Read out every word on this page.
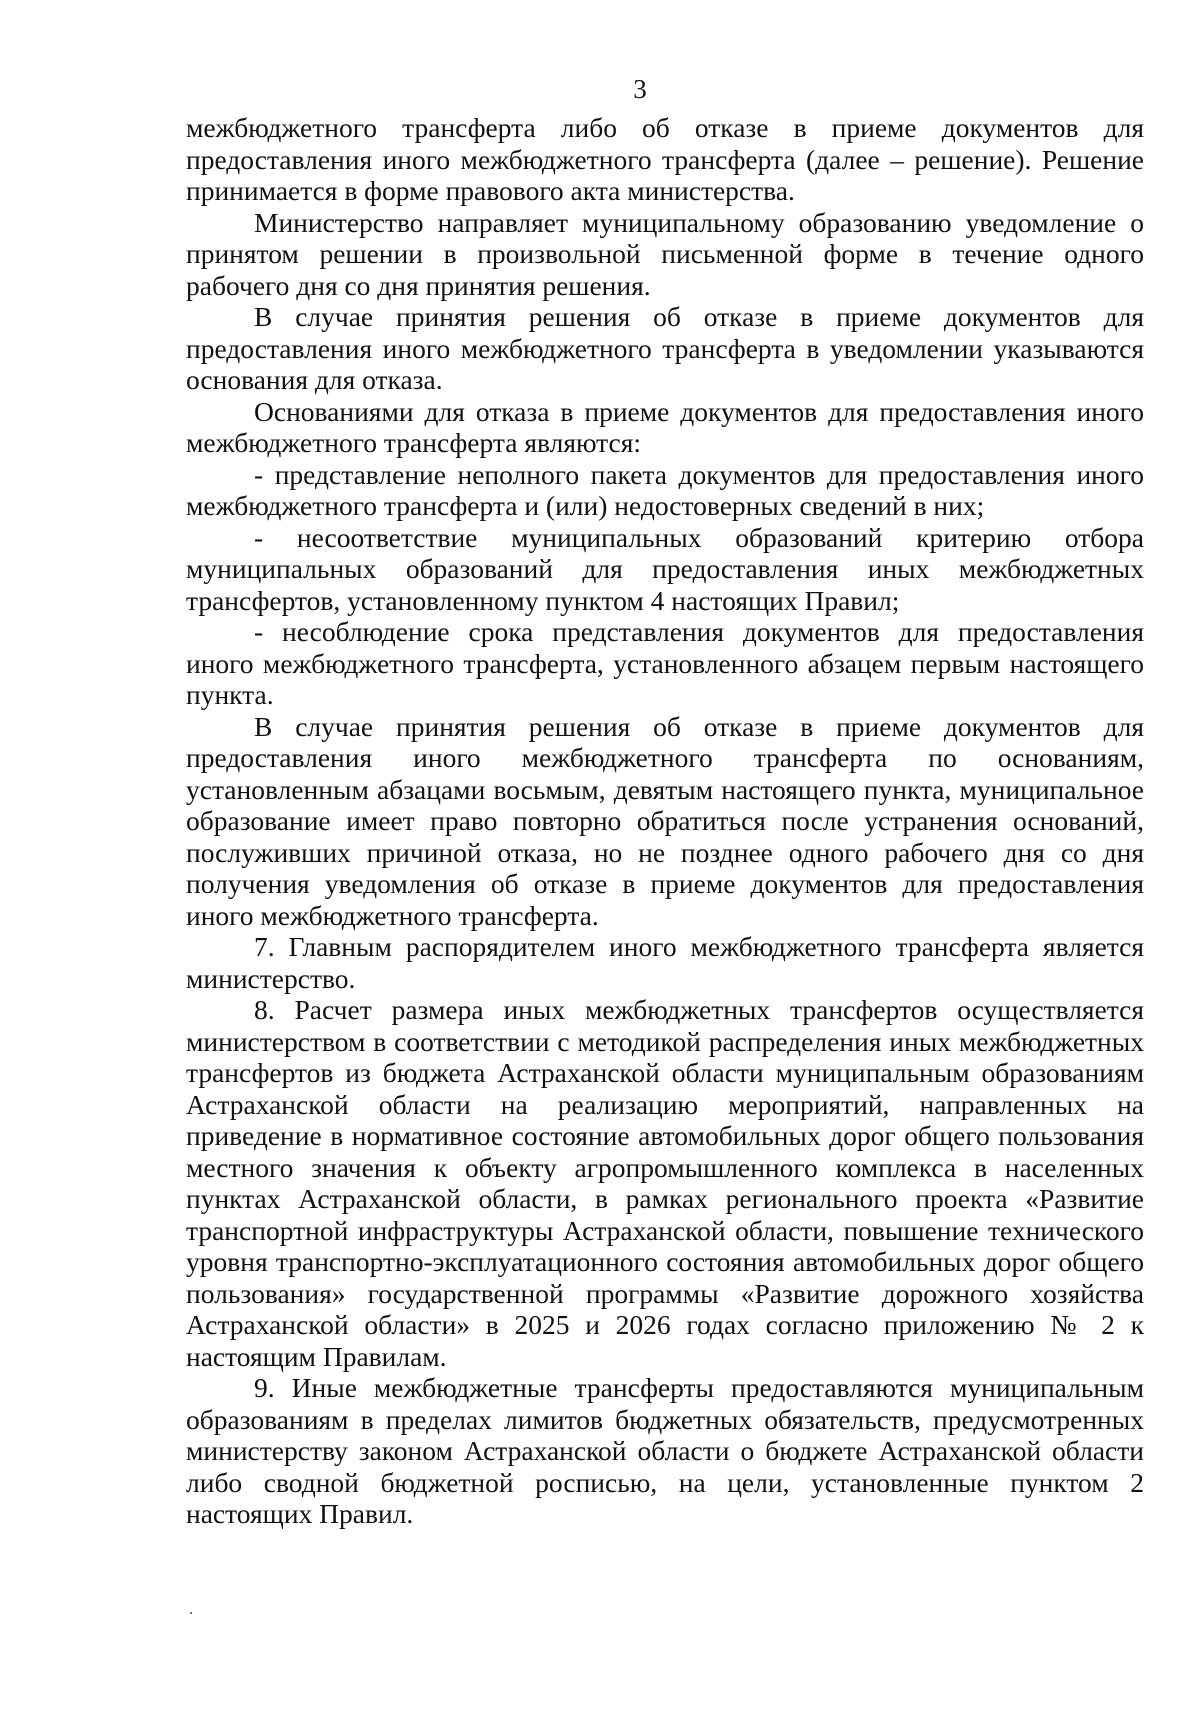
3

межбюджетного трансферта либо об отказе в приеме документов для предоставления иного межбюджетного трансферта (далее – решение). Решение принимается в форме правового акта министерства.

Министерство направляет муниципальному образованию уведомление о принятом решении в произвольной письменной форме в течение одного рабочего дня со дня принятия решения.

В случае принятия решения об отказе в приеме документов для предоставления иного межбюджетного трансферта в уведомлении указываются основания для отказа.

Основаниями для отказа в приеме документов для предоставления иного межбюджетного трансферта являются:

- представление неполного пакета документов для предоставления иного межбюджетного трансферта и (или) недостоверных сведений в них;

- несоответствие муниципальных образований критерию отбора муниципальных образований для предоставления иных межбюджетных трансфертов, установленному пунктом 4 настоящих Правил;

- несоблюдение срока представления документов для предоставления иного межбюджетного трансферта, установленного абзацем первым настоящего пункта.

В случае принятия решения об отказе в приеме документов для предоставления иного межбюджетного трансферта по основаниям, установленным абзацами восьмым, девятым настоящего пункта, муниципальное образование имеет право повторно обратиться после устранения оснований, послуживших причиной отказа, но не позднее одного рабочего дня со дня получения уведомления об отказе в приеме документов для предоставления иного межбюджетного трансферта.

7. Главным распорядителем иного межбюджетного трансферта является министерство.

8. Расчет размера иных межбюджетных трансфертов осуществляется министерством в соответствии с методикой распределения иных межбюджетных трансфертов из бюджета Астраханской области муниципальным образованиям Астраханской области на реализацию мероприятий, направленных на приведение в нормативное состояние автомобильных дорог общего пользования местного значения к объекту агропромышленного комплекса в населенных пунктах Астраханской области, в рамках регионального проекта «Развитие транспортной инфраструктуры Астраханской области, повышение технического уровня транспортно-эксплуатационного состояния автомобильных дорог общего пользования» государственной программы «Развитие дорожного хозяйства Астраханской области» в 2025 и 2026 годах согласно приложению № 2 к настоящим Правилам.

9. Иные межбюджетные трансферты предоставляются муниципальным образованиям в пределах лимитов бюджетных обязательств, предусмотренных министерству законом Астраханской области о бюджете Астраханской области либо сводной бюджетной росписью, на цели, установленные пунктом 2 настоящих Правил.
